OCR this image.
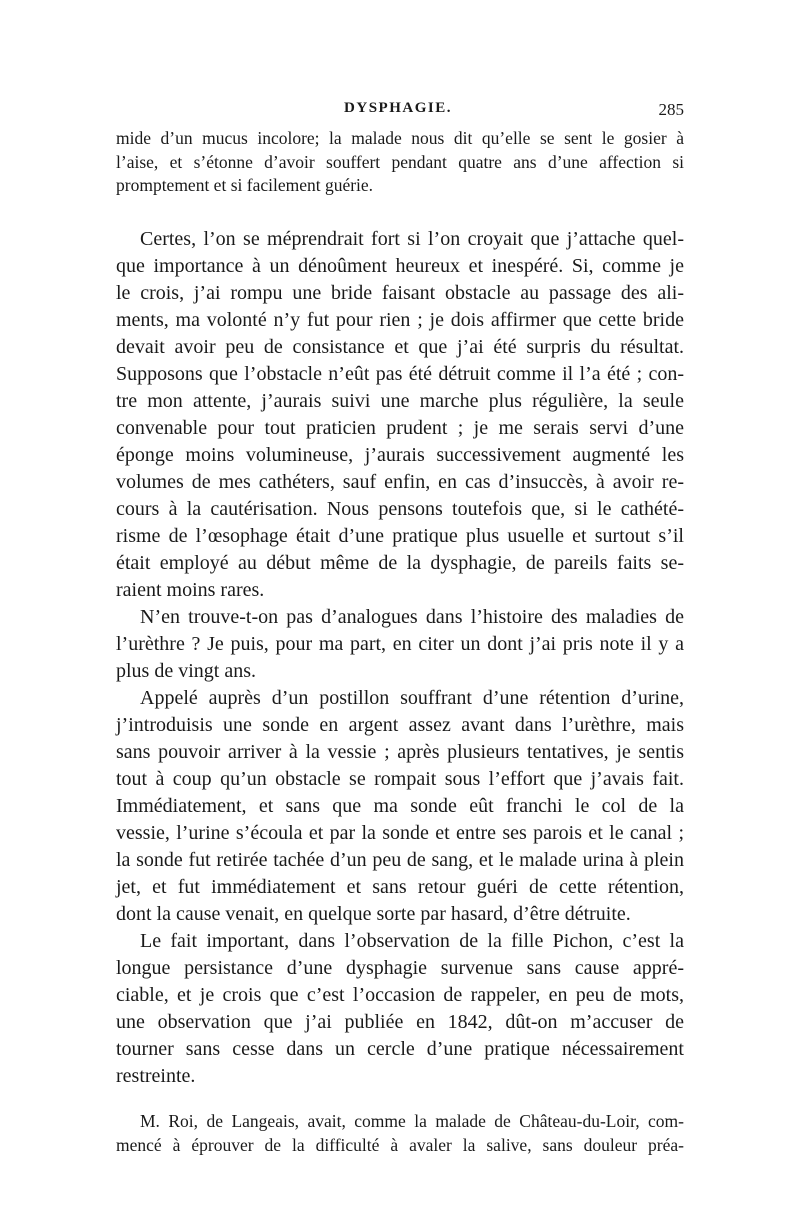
DYSPHAGIE.	285
mide d’un mucus incolore; la malade nous dit qu’elle se sent le gosier à
l’aise, et s’étonne d’avoir souffert pendant quatre ans d’une affection si
promptement et si facilement guérie.
Certes, l’on se méprendrait fort si l’on croyait que j’attache quel-
que importance à un dénoûment heureux et inespéré. Si, comme je
le crois, j’ai rompu une bride faisant obstacle au passage des ali-
ments, ma volonté n’y fut pour rien ; je dois affirmer que cette bride
devait avoir peu de consistance et que j’ai été surpris du résultat.
Supposons que l’obstacle n’eût pas été détruit comme il l’a été ; con-
tre mon attente, j’aurais suivi une marche plus régulière, la seule
convenable pour tout praticien prudent ; je me serais servi d’une
éponge moins volumineuse, j’aurais successivement augmenté les
volumes de mes cathéters, sauf enfin, en cas d’insuccès, à avoir re-
cours à la cautérisation. Nous pensons toutefois que, si le cathété-
risme de l’œsophage était d’une pratique plus usuelle et surtout s’il
était employé au début même de la dysphagie, de pareils faits se-
raient moins rares.
N’en trouve-t-on pas d’analogues dans l’histoire des maladies de
l’urèthre ? Je puis, pour ma part, en citer un dont j’ai pris note il y a
plus de vingt ans.
Appelé auprès d’un postillon souffrant d’une rétention d’urine,
j’introduisis une sonde en argent assez avant dans l’urèthre, mais
sans pouvoir arriver à la vessie ; après plusieurs tentatives, je sentis
tout à coup qu’un obstacle se rompait sous l’effort que j’avais fait.
Immédiatement, et sans que ma sonde eût franchi le col de la
vessie, l’urine s’écoula et par la sonde et entre ses parois et le canal ;
la sonde fut retirée tachée d’un peu de sang, et le malade urina à plein
jet, et fut immédiatement et sans retour guéri de cette rétention,
dont la cause venait, en quelque sorte par hasard, d’être détruite.
Le fait important, dans l’observation de la fille Pichon, c’est la
longue persistance d’une dysphagie survenue sans cause appré-
ciable, et je crois que c’est l’occasion de rappeler, en peu de mots,
une observation que j’ai publiée en 1842, dût-on m’accuser de
tourner sans cesse dans un cercle d’une pratique nécessairement
restreinte.
M. Roi, de Langeais, avait, comme la malade de Château-du-Loir, com-
mencé à éprouver de la difficulté à avaler la salive, sans douleur préa-
